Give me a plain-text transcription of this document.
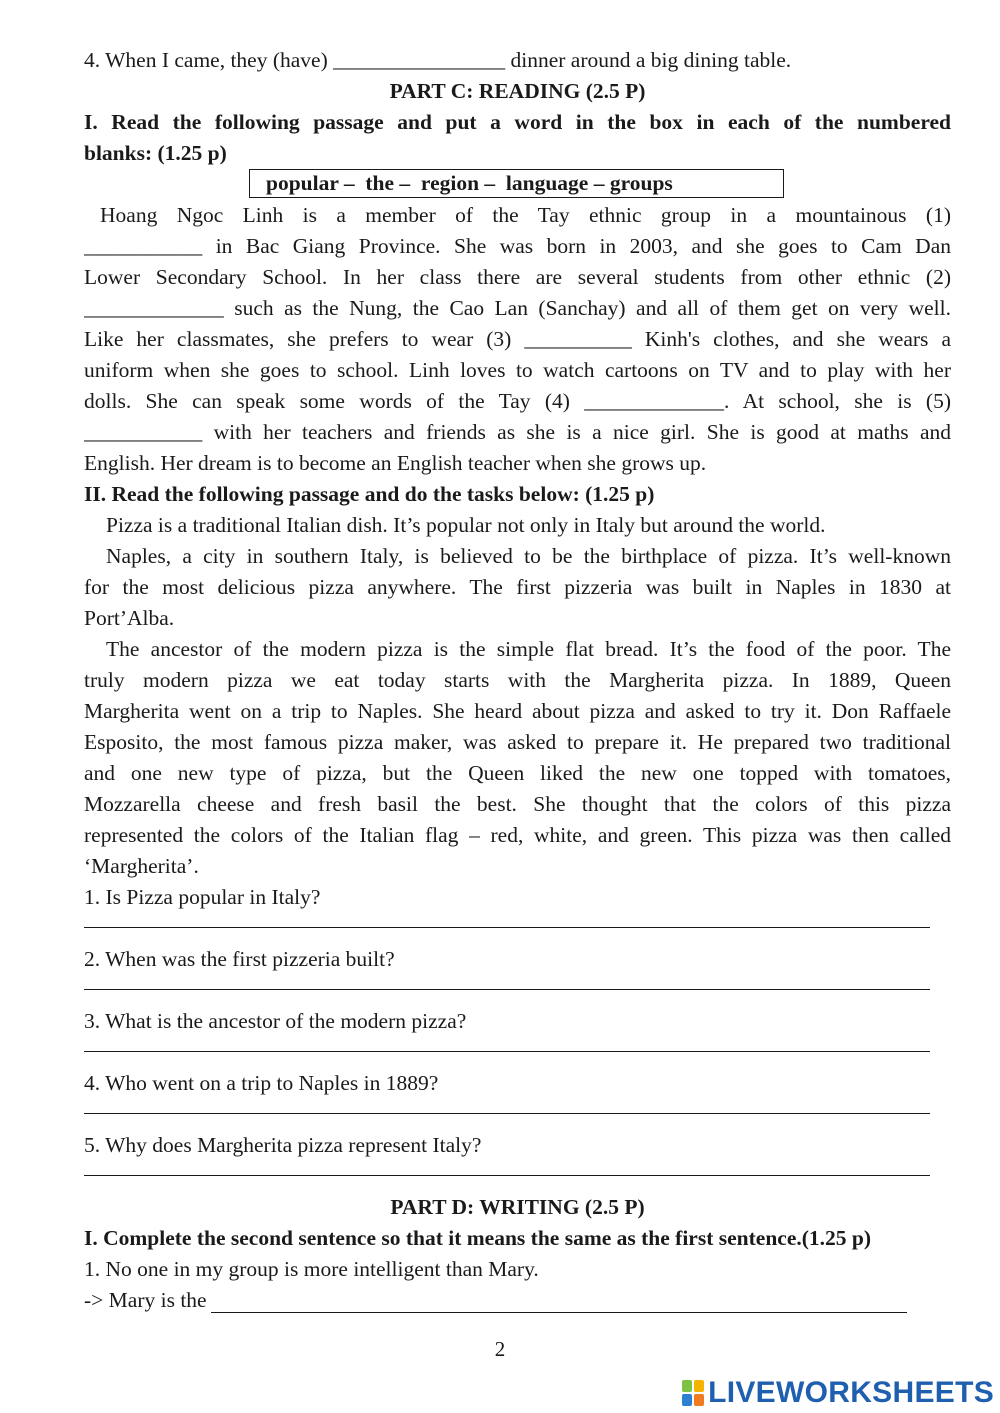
4. When I came, they (have) ________________ dinner around a big dining table.
PART C: READING (2.5 P)
I. Read the following passage and put a word in the box in each of the numbered
blanks: (1.25 p)
popular –  the –  region –  language – groups
Hoang Ngoc Linh is a member of the Tay ethnic group in a mountainous (1)
___________ in Bac Giang Province. She was born in 2003, and she goes to Cam Dan
Lower Secondary School. In her class there are several students from other ethnic (2)
_____________ such as the Nung, the Cao Lan (Sanchay) and all of them get on very well.
Like her classmates, she prefers to wear (3) __________ Kinh's clothes, and she wears a
uniform when she goes to school. Linh loves to watch cartoons on TV and to play with her
dolls. She can speak some words of the Tay (4) _____________. At school, she is (5)
___________ with her teachers and friends as she is a nice girl. She is good at maths and
English. Her dream is to become an English teacher when she grows up.
II. Read the following passage and do the tasks below: (1.25 p)
Pizza is a traditional Italian dish. It’s popular not only in Italy but around the world.
Naples, a city in southern Italy, is believed to be the birthplace of pizza. It’s well-known
for the most delicious pizza anywhere. The first pizzeria was built in Naples in 1830 at
Port’Alba.
The ancestor of the modern pizza is the simple flat bread. It’s the food of the poor. The
truly modern pizza we eat today starts with the Margherita pizza. In 1889, Queen
Margherita went on a trip to Naples. She heard about pizza and asked to try it. Don Raffaele
Esposito, the most famous pizza maker, was asked to prepare it. He prepared two traditional
and one new type of pizza, but the Queen liked the new one topped with tomatoes,
Mozzarella cheese and fresh basil the best. She thought that the colors of this pizza
represented the colors of the Italian flag – red, white, and green. This pizza was then called
‘Margherita’.
1. Is Pizza popular in Italy?
2. When was the first pizzeria built?
3. What is the ancestor of the modern pizza?
4. Who went on a trip to Naples in 1889?
5. Why does Margherita pizza represent Italy?
PART D: WRITING (2.5 P)
I. Complete the second sentence so that it means the same as the first sentence.(1.25 p)
1. No one in my group is more intelligent than Mary.
-> Mary is the
2
LIVEWORKSHEETS
